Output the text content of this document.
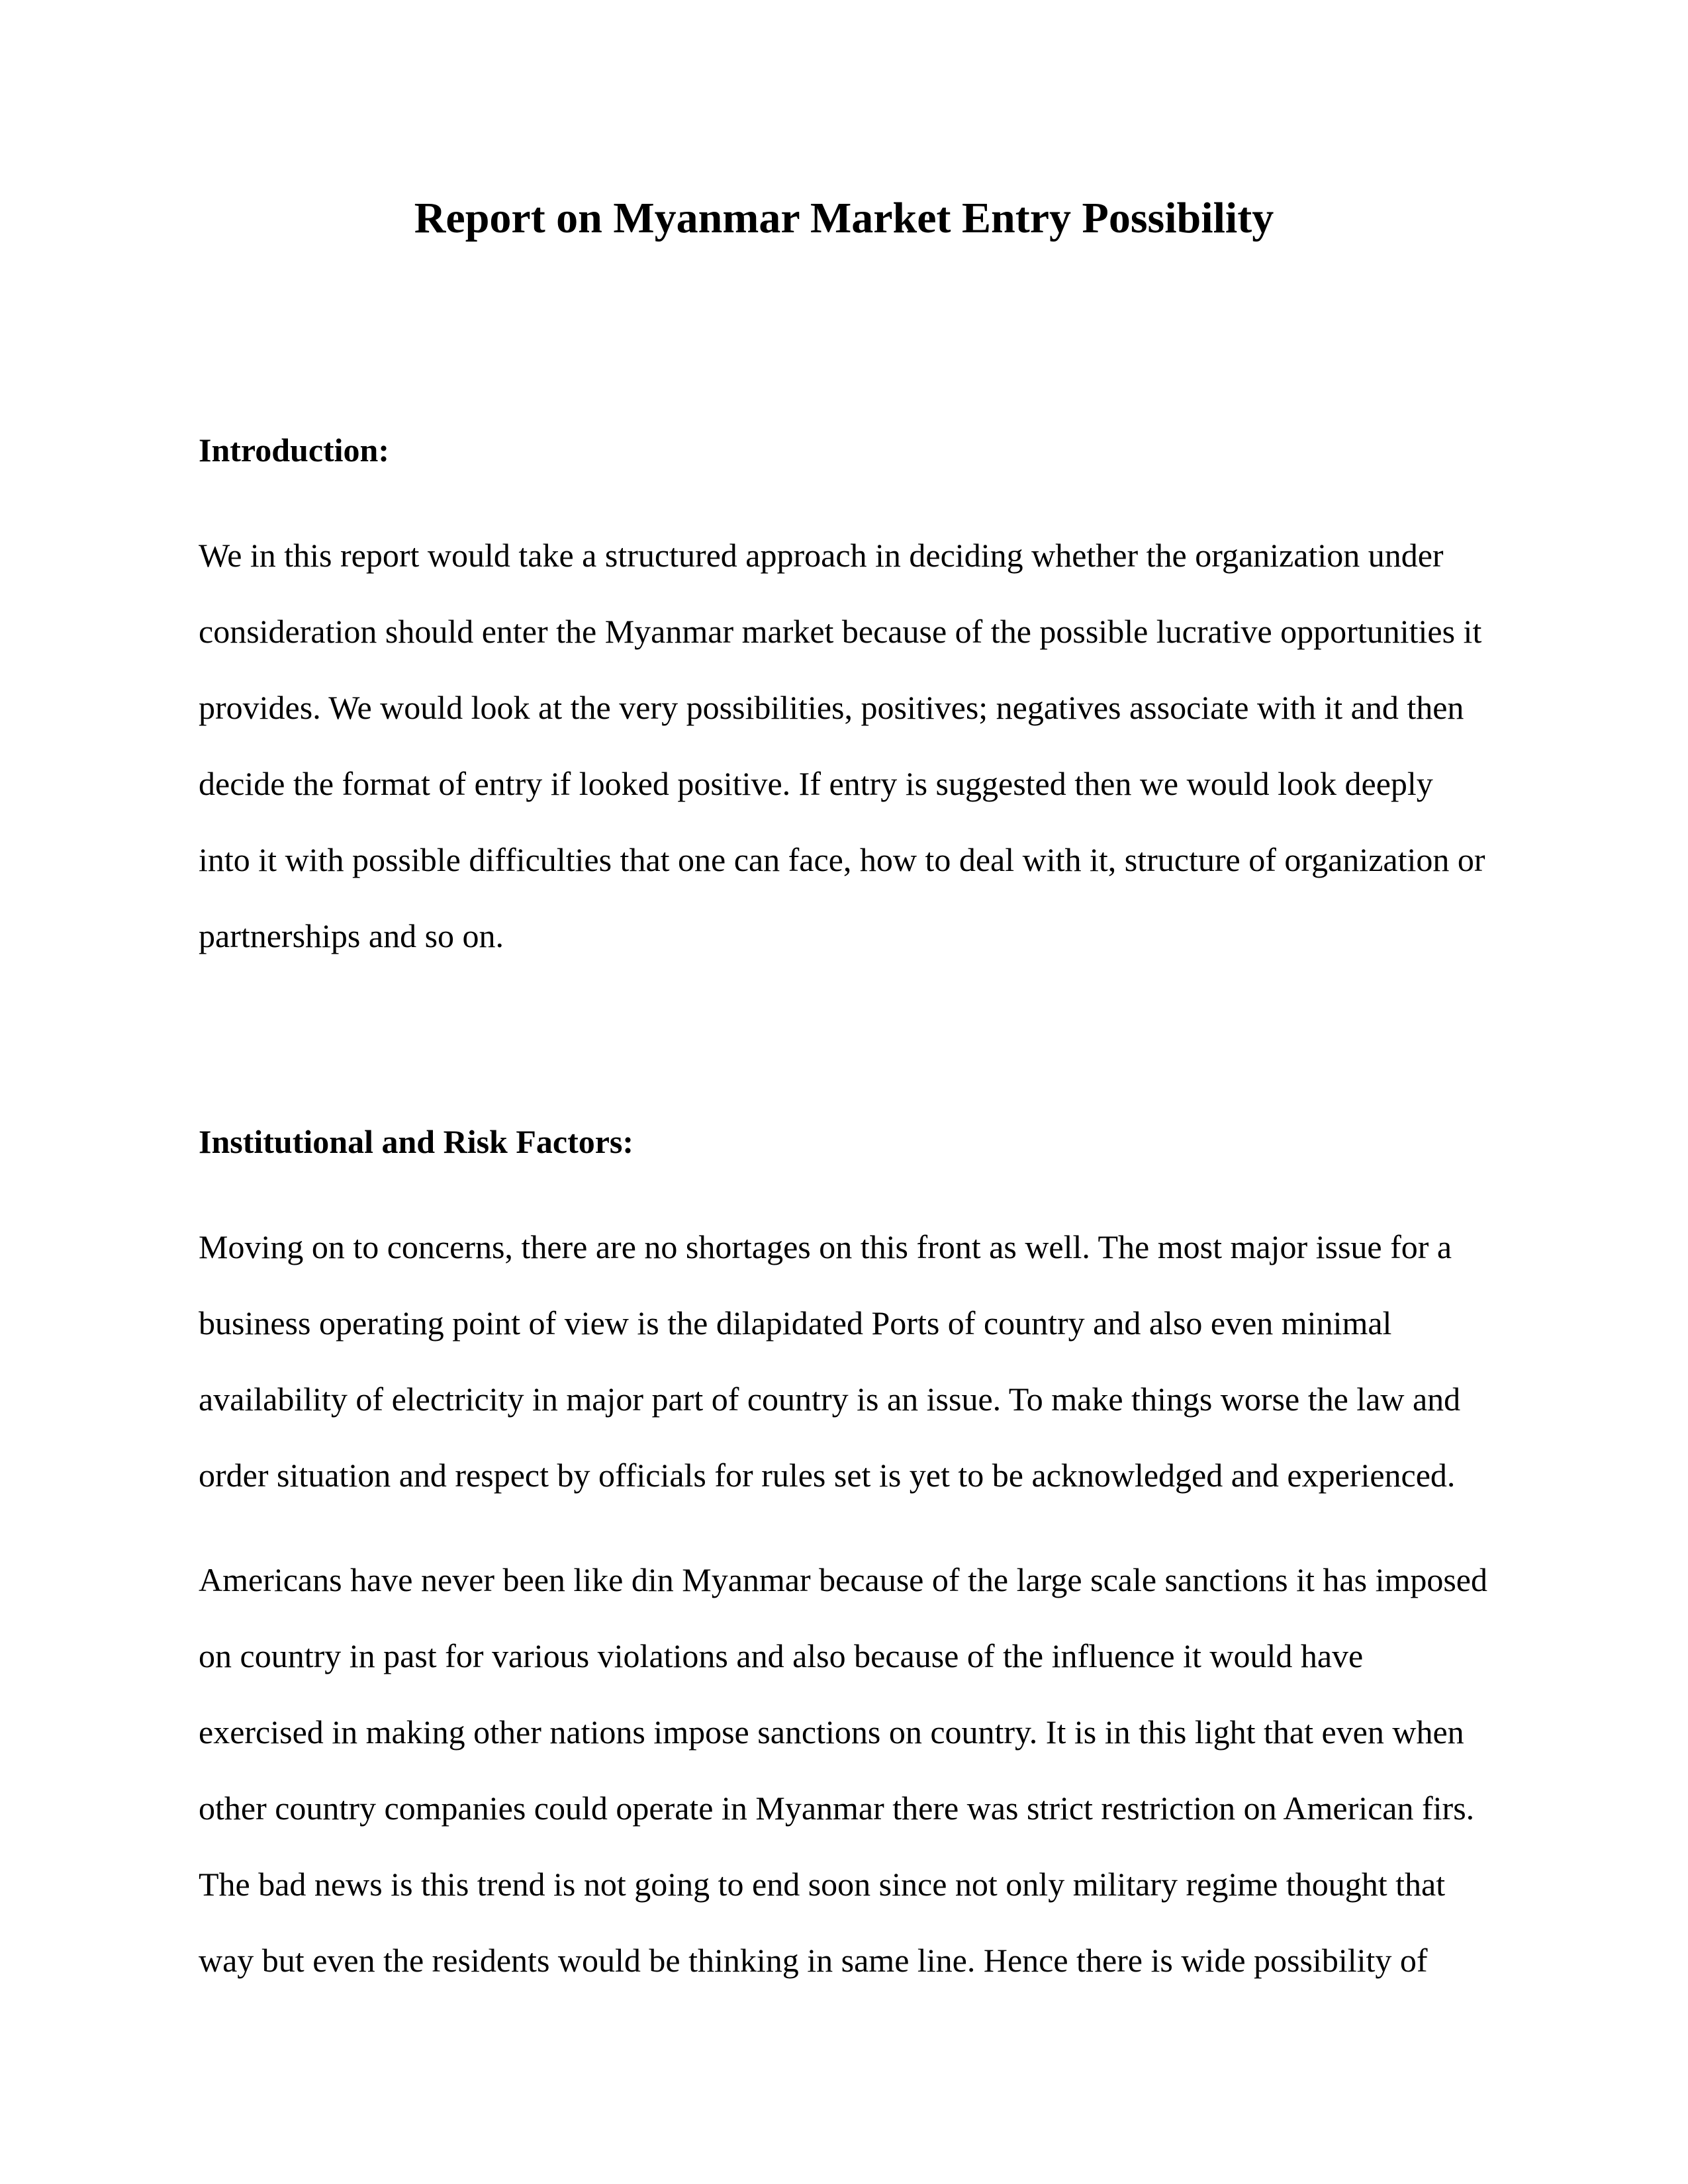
Report on Myanmar Market Entry Possibility
Introduction:

We in this report would take a structured approach in deciding whether the organization under
consideration should enter the Myanmar market because of the possible lucrative opportunities it
provides. We would look at the very possibilities, positives; negatives associate with it and then
decide the format of entry if looked positive. If entry is suggested then we would look deeply
into it with possible difficulties that one can face, how to deal with it, structure of organization or
partnerships and so on.

Institutional and Risk Factors:

Moving on to concerns, there are no shortages on this front as well. The most major issue for a
business operating point of view is the dilapidated Ports of country and also even minimal
availability of electricity in major part of country is an issue. To make things worse the law and
order situation and respect by officials for rules set is yet to be acknowledged and experienced.

Americans have never been like din Myanmar because of the large scale sanctions it has imposed
on country in past for various violations and also because of the influence it would have
exercised in making other nations impose sanctions on country. It is in this light that even when
other country companies could operate in Myanmar there was strict restriction on American firs.
The bad news is this trend is not going to end soon since not only military regime thought that
way but even the residents would be thinking in same line. Hence there is wide possibility of
